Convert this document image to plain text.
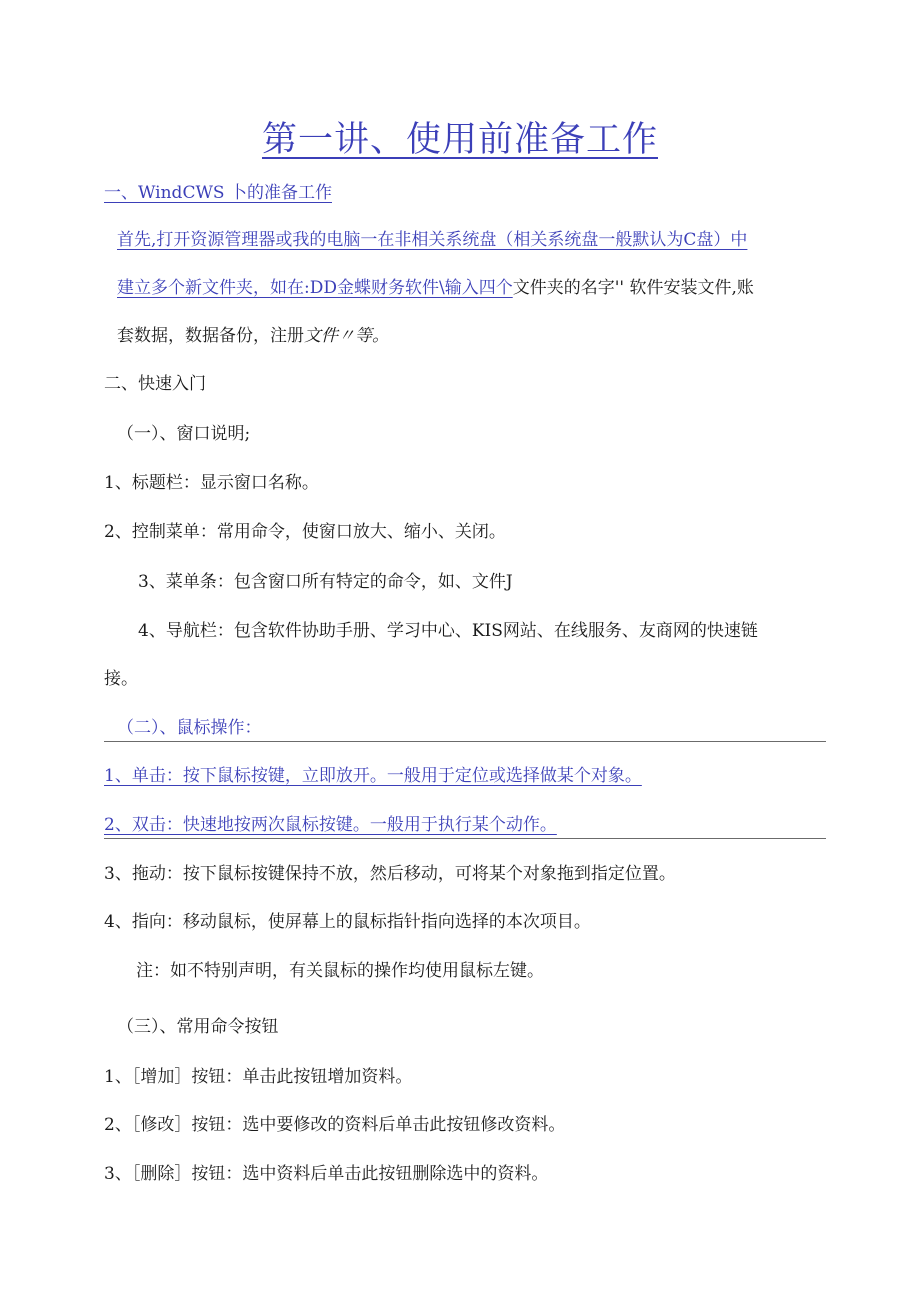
第一讲、使用前准备工作
一、WindCWS 卜的准备工作
首先,打开资源管理器或我的电脑一在非相关系统盘（相关系统盘一般默认为C盘）中
建立多个新文件夹，如在:DD金蝶财务软件\输入四个文件夹的名字'' 软件安装文件,账
套数据，数据备份，注册文件〃等。
二、快速入门
（一）、窗口说明;
1、标题栏：显示窗口名称。
2、控制菜单：常用命令，使窗口放大、缩小、关闭。
3、菜单条：包含窗口所有特定的命令，如、文件J
4、导航栏：包含软件协助手册、学习中心、KIS网站、在线服务、友商网的快速链
接。
（二）、鼠标操作：
1、单击：按下鼠标按键，立即放开。一般用于定位或选择做某个对象。
2、双击：快速地按两次鼠标按键。一般用于执行某个动作。
3、拖动：按下鼠标按键保持不放，然后移动，可将某个对象拖到指定位置。
4、指向：移动鼠标，使屏幕上的鼠标指针指向选择的本次项目。
注：如不特别声明，有关鼠标的操作均使用鼠标左键。
（三）、常用命令按钮
1、［增加］按钮：单击此按钮增加资料。
2、［修改］按钮：选中要修改的资料后单击此按钮修改资料。
3、［删除］按钮：选中资料后单击此按钮删除选中的资料。
